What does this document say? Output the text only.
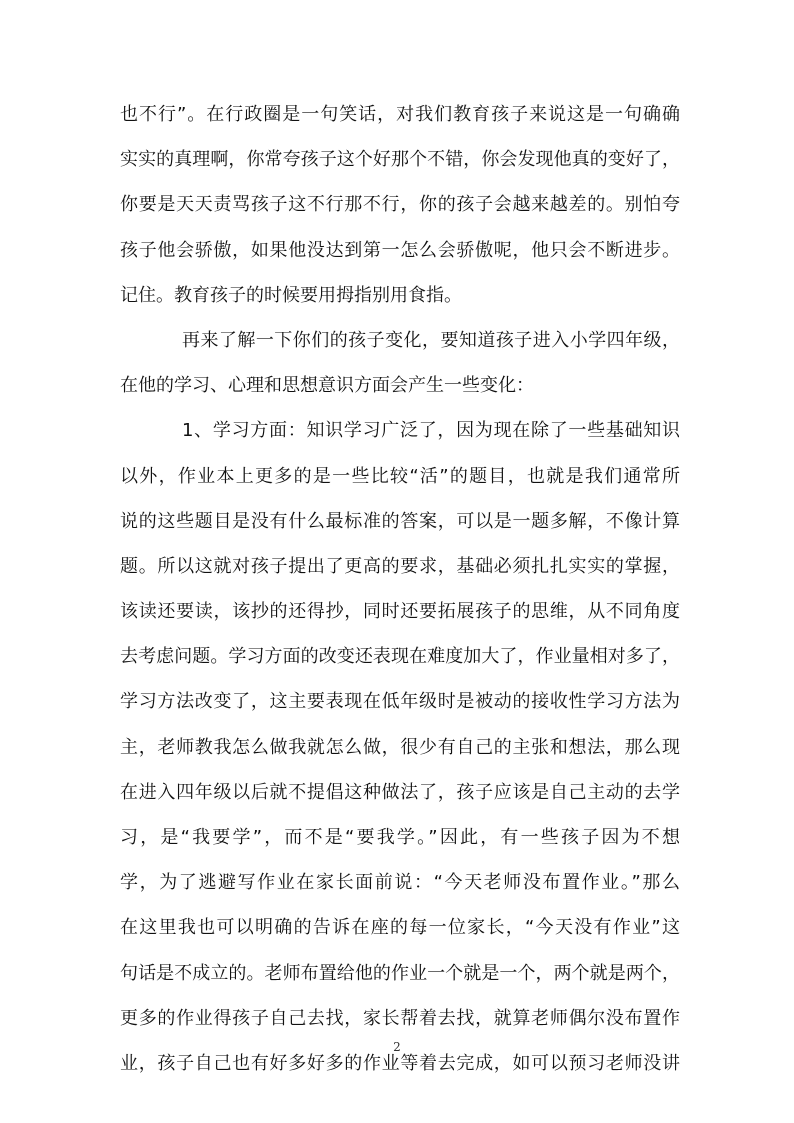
也不行”。在行政圈是一句笑话，对我们教育孩子来说这是一句确确
实实的真理啊，你常夸孩子这个好那个不错，你会发现他真的变好了，
你要是天天责骂孩子这不行那不行，你的孩子会越来越差的。别怕夸
孩子他会骄傲，如果他没达到第一怎么会骄傲呢，他只会不断进步。
记住。教育孩子的时候要用拇指别用食指。
再来了解一下你们的孩子变化，要知道孩子进入小学四年级，
在他的学习、心理和思想意识方面会产生一些变化：
1、学习方面：知识学习广泛了，因为现在除了一些基础知识
以外，作业本上更多的是一些比较“活”的题目，也就是我们通常所
说的这些题目是没有什么最标准的答案，可以是一题多解，不像计算
题。所以这就对孩子提出了更高的要求，基础必须扎扎实实的掌握，
该读还要读，该抄的还得抄，同时还要拓展孩子的思维，从不同角度
去考虑问题。学习方面的改变还表现在难度加大了，作业量相对多了，
学习方法改变了，这主要表现在低年级时是被动的接收性学习方法为
主，老师教我怎么做我就怎么做，很少有自己的主张和想法，那么现
在进入四年级以后就不提倡这种做法了，孩子应该是自己主动的去学
习，是“我要学”，而不是“要我学。”因此，有一些孩子因为不想
学，为了逃避写作业在家长面前说：“今天老师没布置作业。”那么
在这里我也可以明确的告诉在座的每一位家长，“今天没有作业”这
句话是不成立的。老师布置给他的作业一个就是一个，两个就是两个，
更多的作业得孩子自己去找，家长帮着去找，就算老师偶尔没布置作
业，孩子自己也有好多好多的作业等着去完成，如可以预习老师没讲
2
